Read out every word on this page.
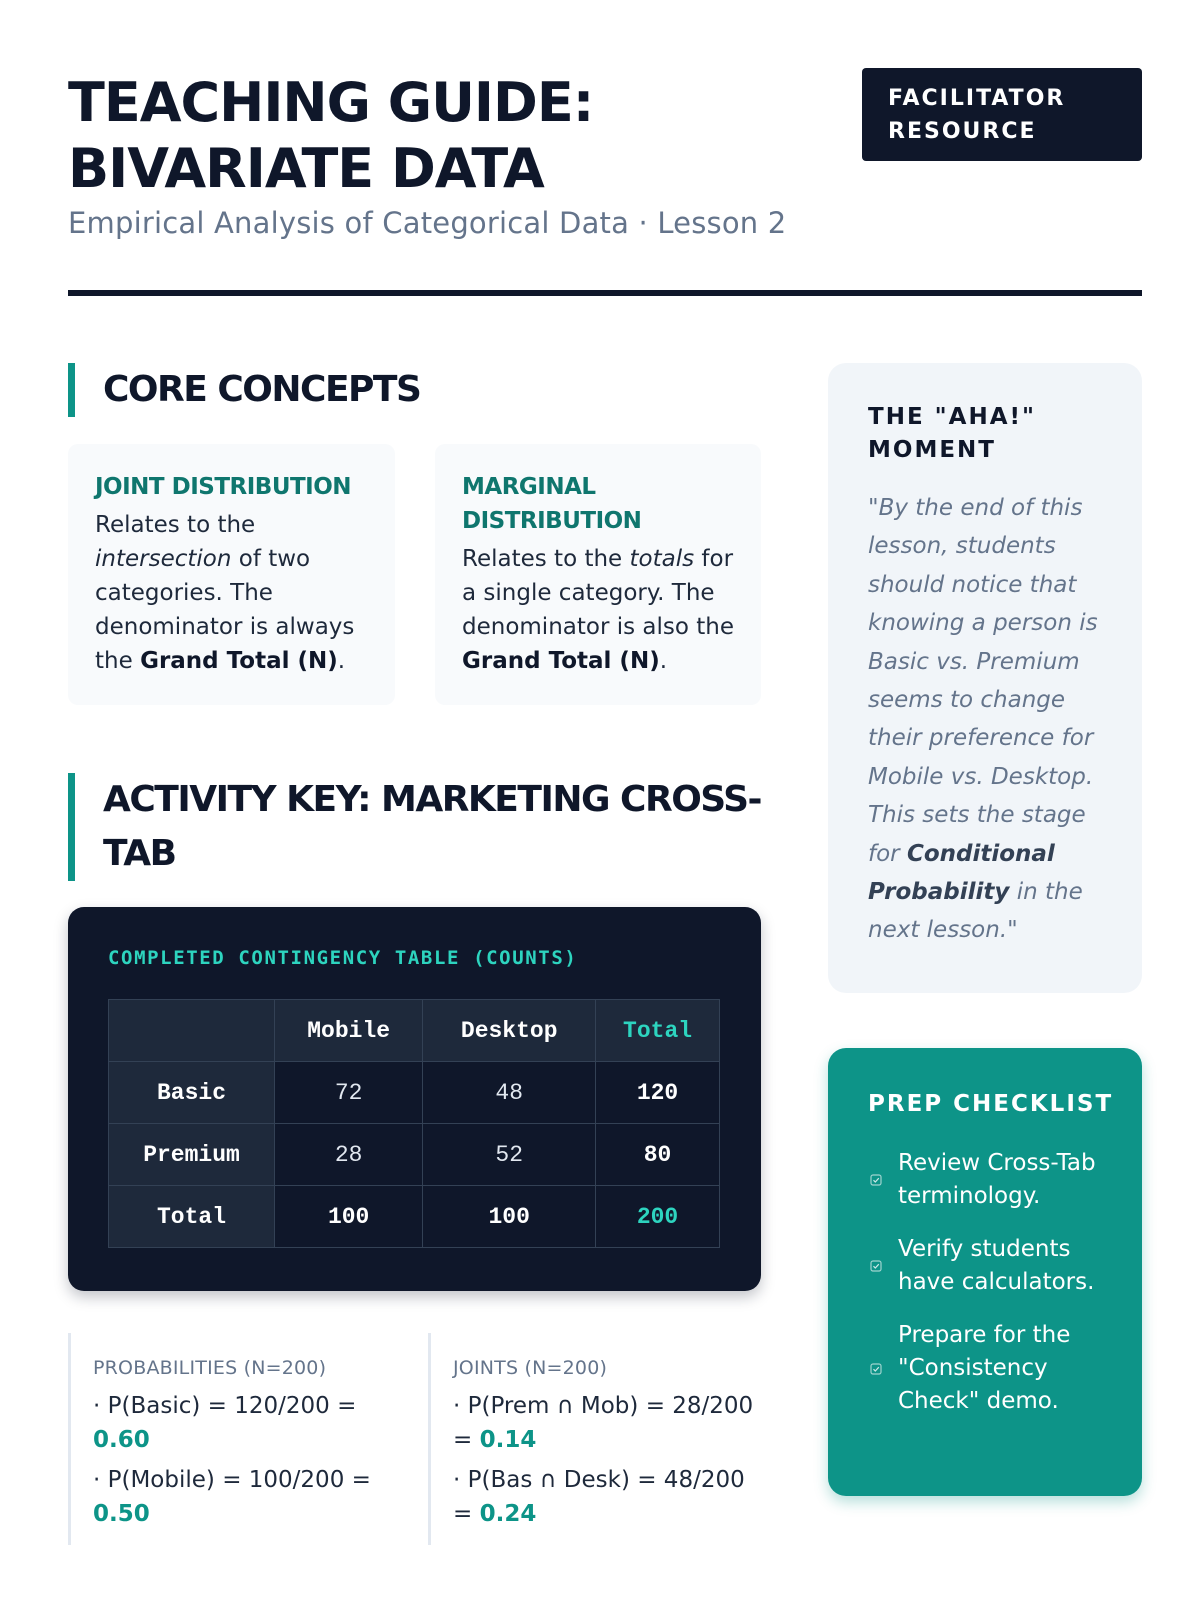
TEACHING GUIDE:
BIVARIATE DATA
Empirical Analysis of Categorical Data · Lesson 2
FACILITATOR
RESOURCE
CORE CONCEPTS
JOINT DISTRIBUTION

Relates to the intersection of two categories. The denominator is always the Grand Total (N).

MARGINAL DISTRIBUTION

Relates to the totals for a single category. The denominator is also the Grand Total (N).

ACTIVITY KEY: MARKETING CROSS-TAB
COMPLETED CONTINGENCY TABLE (COUNTS)
	Mobile	Desktop	Total
Basic	72	48	120
Premium	28	52	80
Total	100	100	200
PROBABILITIES (N=200)
· P(Basic) = 120/200 = 0.60
· P(Mobile) = 100/200 = 0.50
JOINTS (N=200)
· P(Prem ∩ Mob) = 28/200 = 0.14
· P(Bas ∩ Desk) = 48/200 = 0.24
THE "AHA!" MOMENT

"By the end of this lesson, students should notice that knowing a person is Basic vs. Premium seems to change their preference for Mobile vs. Desktop. This sets the stage for Conditional Probability in the next lesson."

PREP CHECKLIST
Review Cross-Tab terminology.
Verify students have calculators.
Prepare for the "Consistency Check" demo.
